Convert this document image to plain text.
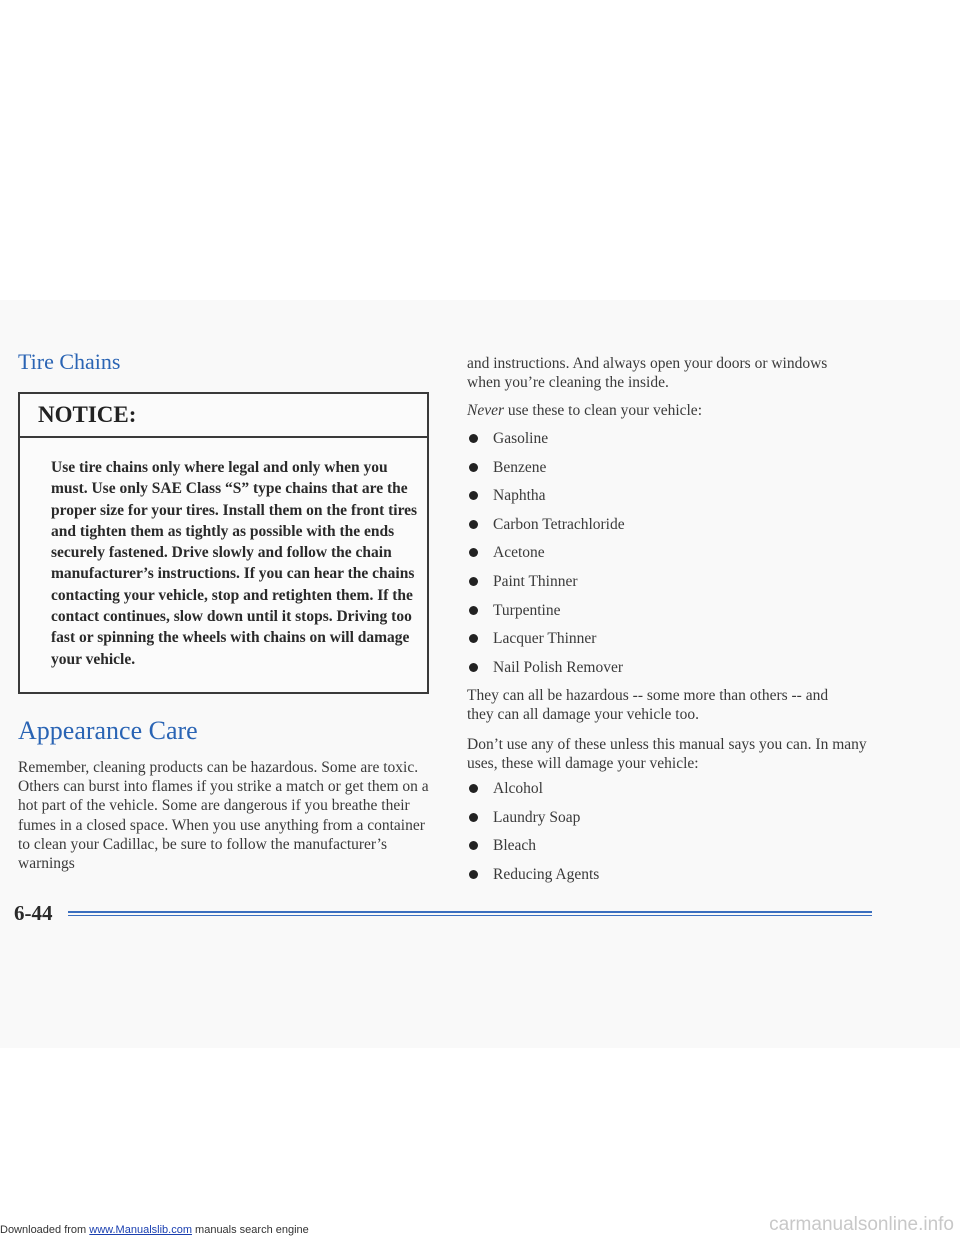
Tire Chains
NOTICE:
Use tire chains only where legal and only when you must. Use only SAE Class “S” type chains that are the proper size for your tires. Install them on the front tires and tighten them as tightly as possible with the ends securely fastened. Drive slowly and follow the chain manufacturer’s instructions. If you can hear the chains contacting your vehicle, stop and retighten them. If the contact continues, slow down until it stops. Driving too fast or spinning the wheels with chains on will damage your vehicle.
Appearance Care

Remember, cleaning products can be hazardous. Some are toxic. Others can burst into flames if you strike a match or get them on a hot part of the vehicle. Some are dangerous if you breathe their fumes in a closed space. When you use anything from a container to clean your Cadillac, be sure to follow the manufacturer’s warnings

and instructions. And always open your doors or windows when you’re cleaning the inside.

Never use these to clean your vehicle:

Gasoline
Benzene
Naphtha
Carbon Tetrachloride
Acetone
Paint Thinner
Turpentine
Lacquer Thinner
Nail Polish Remover

They can all be hazardous -- some more than others -- and they can all damage your vehicle too.

Don’t use any of these unless this manual says you can. In many uses, these will damage your vehicle:

Alcohol
Laundry Soap
Bleach
Reducing Agents
6-44
Downloaded from www.Manualslib.com manuals search engine	carmanualsonline.info
